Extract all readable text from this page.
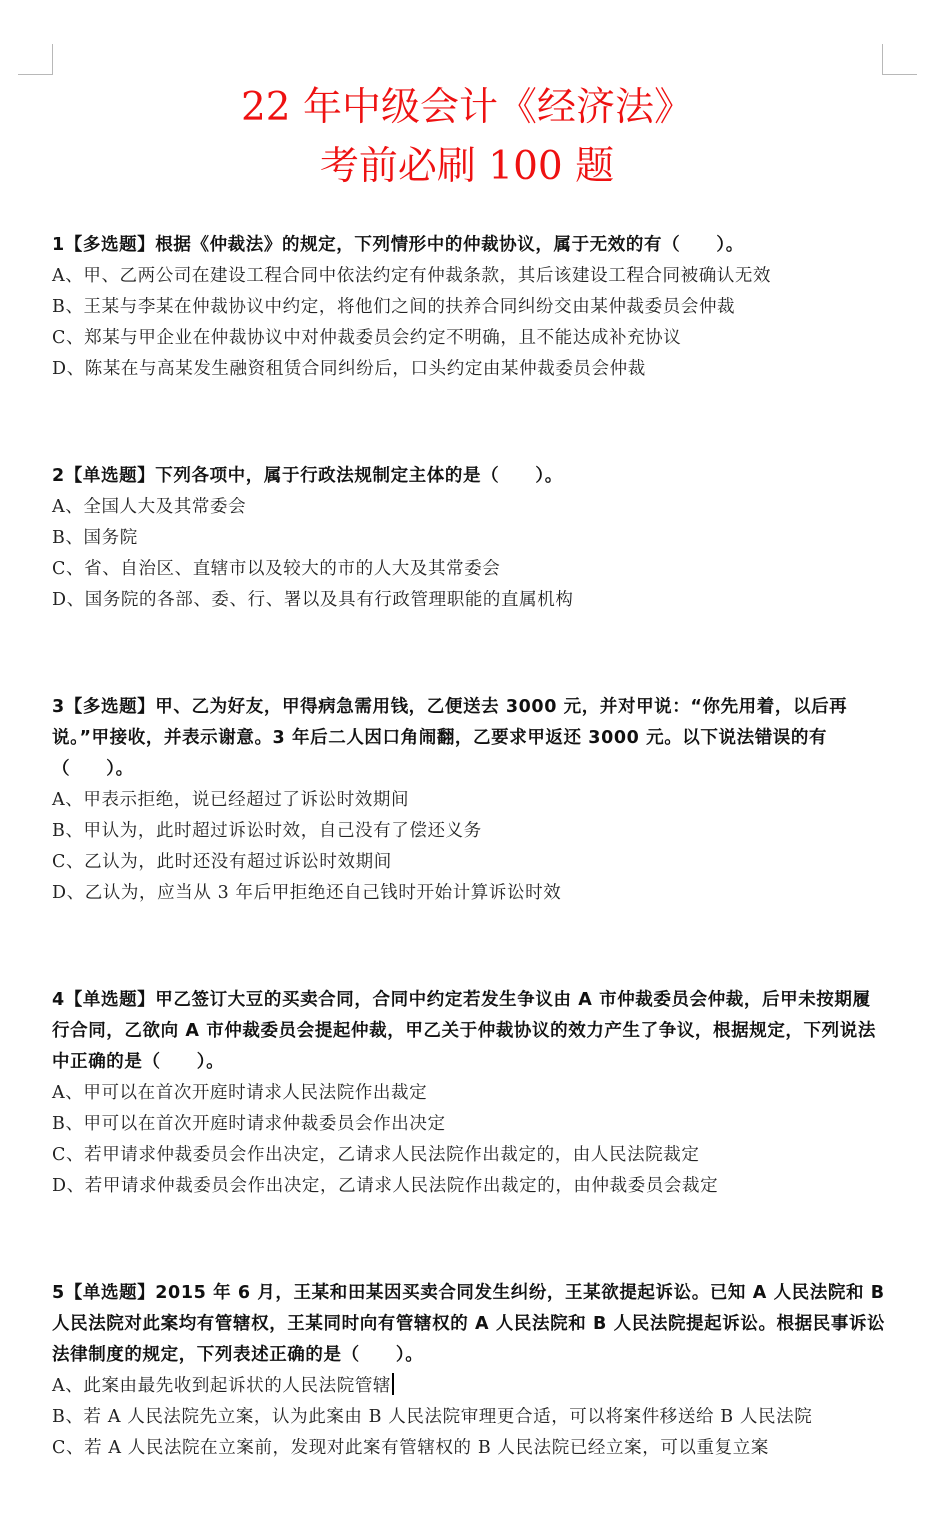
22 年中级会计《经济法》
考前必刷 100 题

1【多选题】根据《仲裁法》的规定，下列情形中的仲裁协议，属于无效的有（　　）。

A、甲、乙两公司在建设工程合同中依法约定有仲裁条款，其后该建设工程合同被确认无效

B、王某与李某在仲裁协议中约定，将他们之间的扶养合同纠纷交由某仲裁委员会仲裁

C、郑某与甲企业在仲裁协议中对仲裁委员会约定不明确，且不能达成补充协议

D、陈某在与高某发生融资租赁合同纠纷后，口头约定由某仲裁委员会仲裁

2【单选题】下列各项中，属于行政法规制定主体的是（　　）。

A、全国人大及其常委会

B、国务院

C、省、自治区、直辖市以及较大的市的人大及其常委会

D、国务院的各部、委、行、署以及具有行政管理职能的直属机构

3【多选题】甲、乙为好友，甲得病急需用钱，乙便送去 3000 元，并对甲说：“你先用着，以后再说。”甲接收，并表示谢意。3 年后二人因口角闹翻，乙要求甲返还 3000 元。以下说法错误的有（　　）。

A、甲表示拒绝，说已经超过了诉讼时效期间

B、甲认为，此时超过诉讼时效，自己没有了偿还义务

C、乙认为，此时还没有超过诉讼时效期间

D、乙认为，应当从 3 年后甲拒绝还自己钱时开始计算诉讼时效

4【单选题】甲乙签订大豆的买卖合同，合同中约定若发生争议由 A 市仲裁委员会仲裁，后甲未按期履行合同，乙欲向 A 市仲裁委员会提起仲裁，甲乙关于仲裁协议的效力产生了争议，根据规定，下列说法中正确的是（　　）。

A、甲可以在首次开庭时请求人民法院作出裁定

B、甲可以在首次开庭时请求仲裁委员会作出决定

C、若甲请求仲裁委员会作出决定，乙请求人民法院作出裁定的，由人民法院裁定

D、若甲请求仲裁委员会作出决定，乙请求人民法院作出裁定的，由仲裁委员会裁定

5【单选题】2015 年 6 月，王某和田某因买卖合同发生纠纷，王某欲提起诉讼。已知 A 人民法院和 B 人民法院对此案均有管辖权，王某同时向有管辖权的 A 人民法院和 B 人民法院提起诉讼。根据民事诉讼法律制度的规定，下列表述正确的是（　　）。

A、此案由最先收到起诉状的人民法院管辖

B、若 A 人民法院先立案，认为此案由 B 人民法院审理更合适，可以将案件移送给 B 人民法院

C、若 A 人民法院在立案前，发现对此案有管辖权的 B 人民法院已经立案，可以重复立案
